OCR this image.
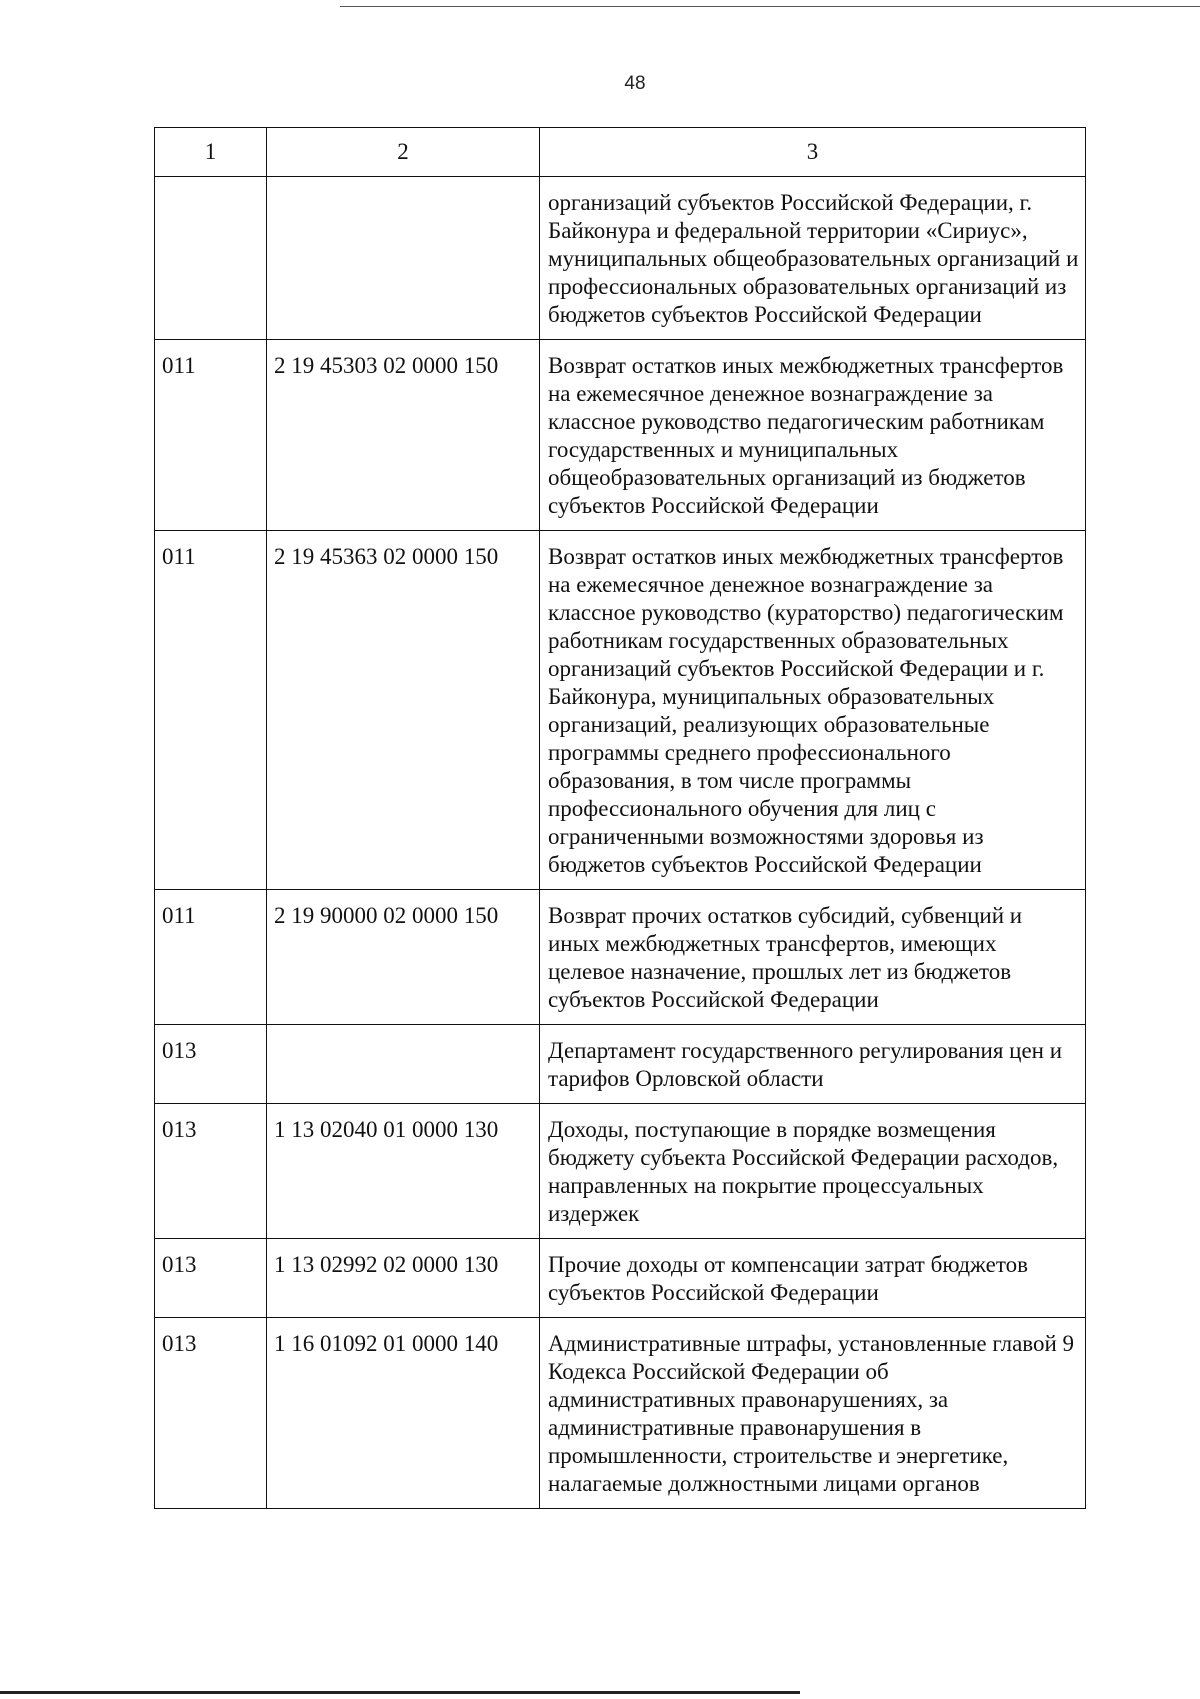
48
1	2	3
		организаций субъектов Российской Федерации, г. Байконура и федеральной территории «Сириус», муниципальных общеобразовательных организаций и профессиональных образовательных организаций из бюджетов субъектов Российской Федерации
011	2 19 45303 02 0000 150	Возврат остатков иных межбюджетных трансфертов на ежемесячное денежное вознаграждение за классное руководство педагогическим работникам государственных и муниципальных общеобразовательных организаций из бюджетов субъектов Российской Федерации
011	2 19 45363 02 0000 150	Возврат остатков иных межбюджетных трансфертов на ежемесячное денежное вознаграждение за классное руководство (кураторство) педагогическим работникам государственных образовательных организаций субъектов Российской Федерации и г. Байконура, муниципальных образовательных организаций, реализующих образовательные программы среднего профессионального образования, в том числе программы профессионального обучения для лиц с ограниченными возможностями здоровья из бюджетов субъектов Российской Федерации
011	2 19 90000 02 0000 150	Возврат прочих остатков субсидий, субвенций и иных межбюджетных трансфертов, имеющих целевое назначение, прошлых лет из бюджетов субъектов Российской Федерации
013		Департамент государственного регулирования цен и тарифов Орловской области
013	1 13 02040 01 0000 130	Доходы, поступающие в порядке возмещения бюджету субъекта Российской Федерации расходов, направленных на покрытие процессуальных издержек
013	1 13 02992 02 0000 130	Прочие доходы от компенсации затрат бюджетов субъектов Российской Федерации
013	1 16 01092 01 0000 140	Административные штрафы, установленные главой 9 Кодекса Российской Федерации об административных правонарушениях, за административные правонарушения в промышленности, строительстве и энергетике, налагаемые должностными лицами органов
